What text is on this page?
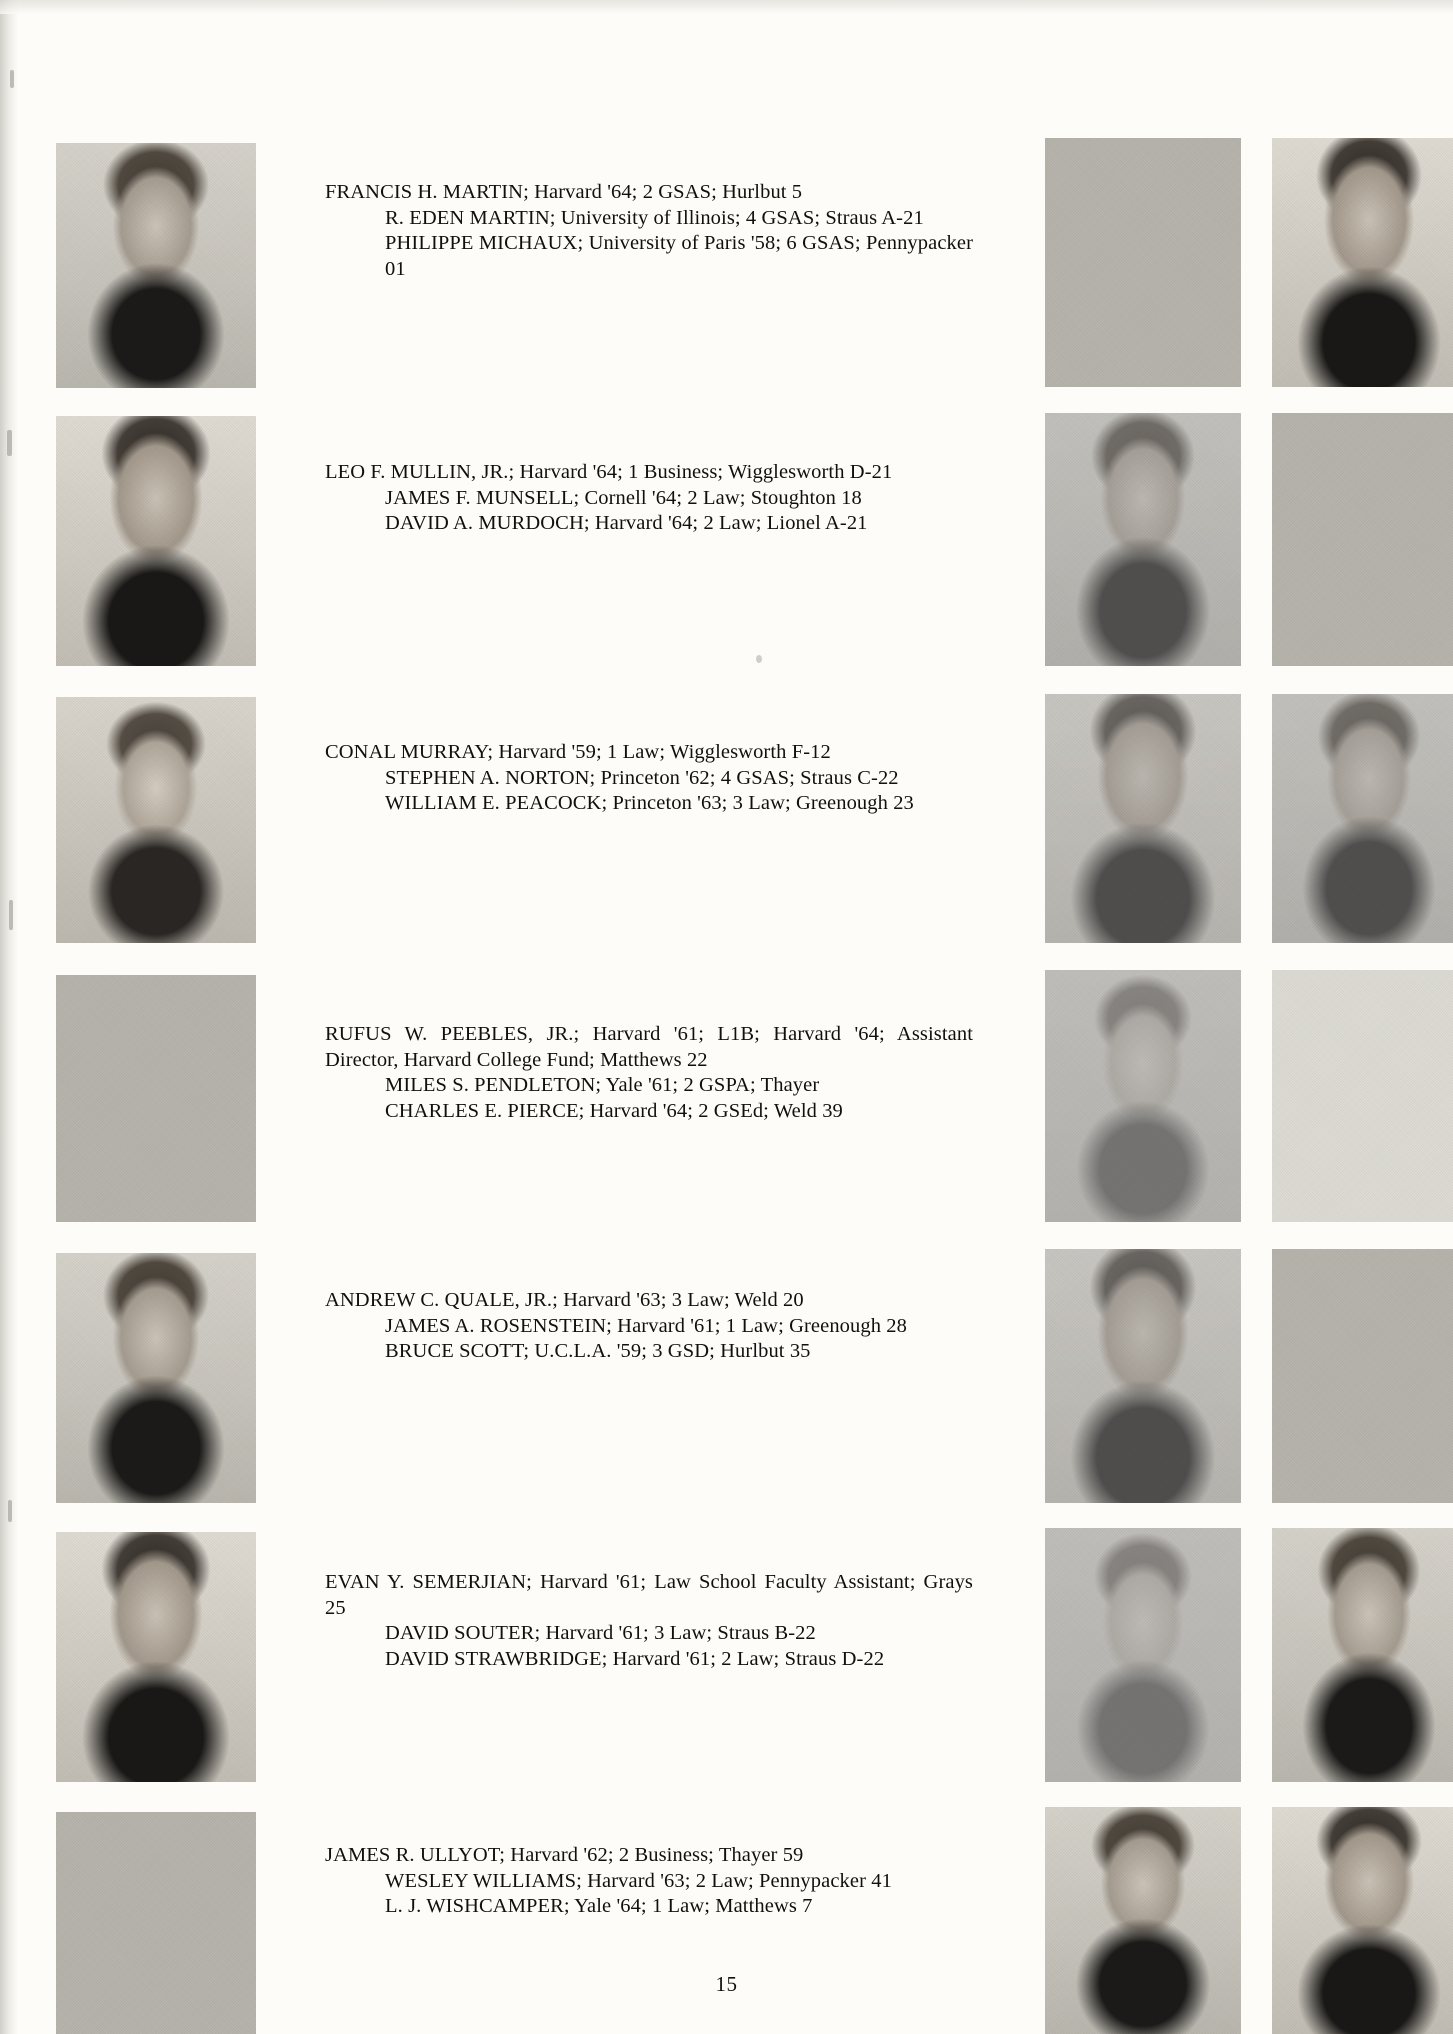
FRANCIS H. MARTIN; Harvard '64; 2 GSAS; Hurlbut 5

R. EDEN MARTIN; University of Illinois; 4 GSAS; Straus A-21

PHILIPPE MICHAUX; University of Paris '58; 6 GSAS; Pennypacker 01

LEO F. MULLIN, JR.; Harvard '64; 1 Business; Wigglesworth D-21

JAMES F. MUNSELL; Cornell '64; 2 Law; Stoughton 18

DAVID A. MURDOCH; Harvard '64; 2 Law; Lionel A-21

CONAL MURRAY; Harvard '59; 1 Law; Wigglesworth F-12

STEPHEN A. NORTON; Princeton '62; 4 GSAS; Straus C-22

WILLIAM E. PEACOCK; Princeton '63; 3 Law; Greenough 23

RUFUS W. PEEBLES, JR.; Harvard '61; L1B; Harvard '64; Assistant Director, Harvard College Fund; Matthews 22

MILES S. PENDLETON; Yale '61; 2 GSPA; Thayer

CHARLES E. PIERCE; Harvard '64; 2 GSEd; Weld 39

ANDREW C. QUALE, JR.; Harvard '63; 3 Law; Weld 20

JAMES A. ROSENSTEIN; Harvard '61; 1 Law; Greenough 28

BRUCE SCOTT; U.C.L.A. '59; 3 GSD; Hurlbut 35

EVAN Y. SEMERJIAN; Harvard '61; Law School Faculty Assistant; Grays 25

DAVID SOUTER; Harvard '61; 3 Law; Straus B-22

DAVID STRAWBRIDGE; Harvard '61; 2 Law; Straus D-22

JAMES R. ULLYOT; Harvard '62; 2 Business; Thayer 59

WESLEY WILLIAMS; Harvard '63; 2 Law; Pennypacker 41

L. J. WISHCAMPER; Yale '64; 1 Law; Matthews 7

15
